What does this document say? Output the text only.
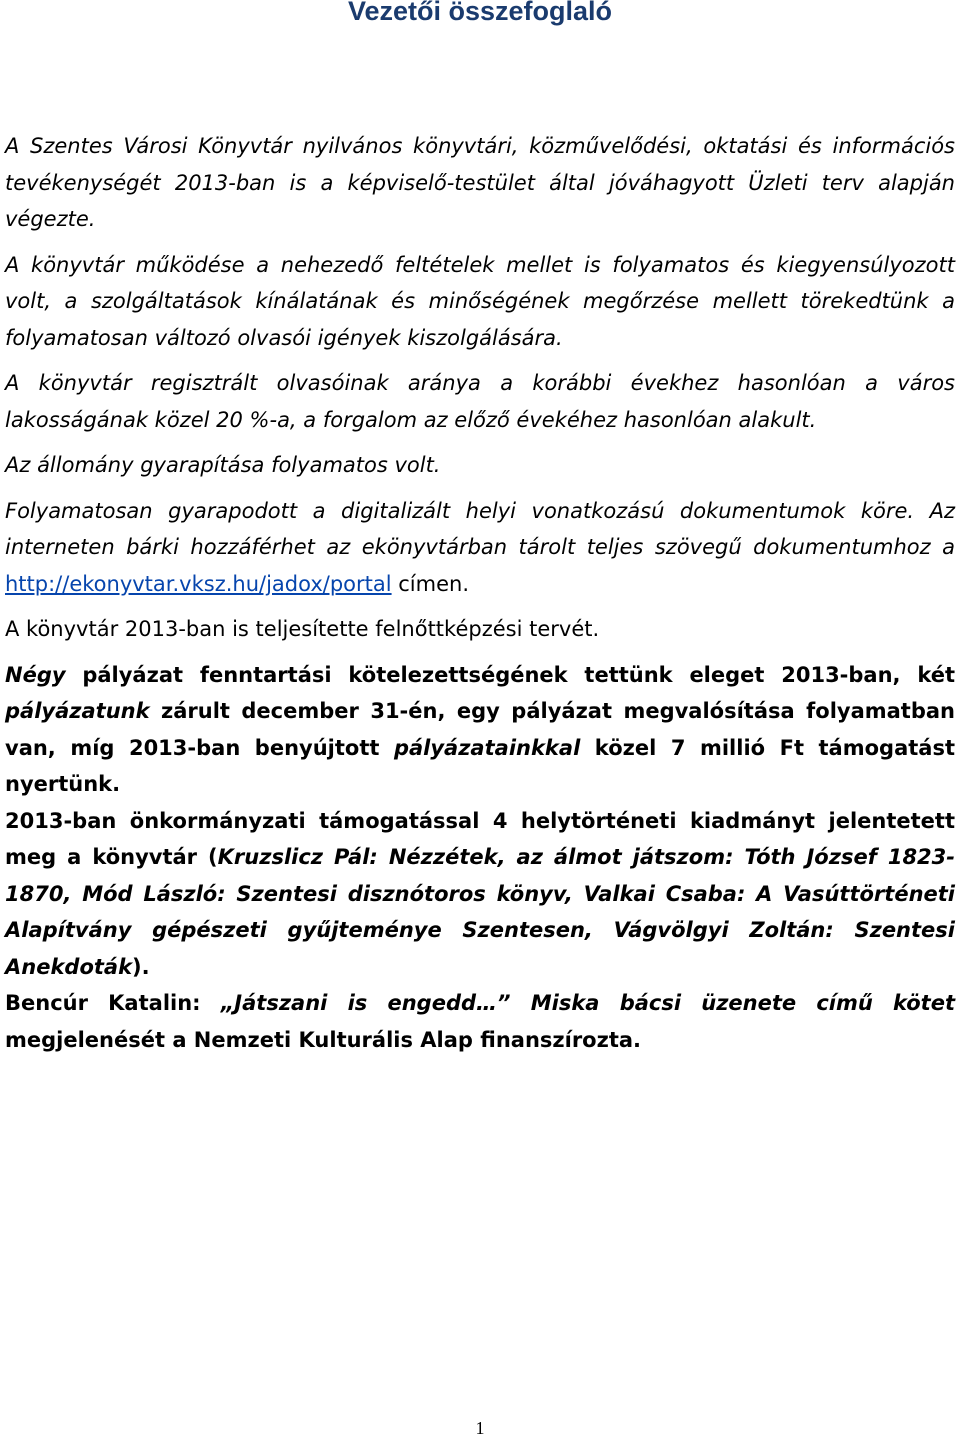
Vezetői összefoglaló

A Szentes Városi Könyvtár nyilvános könyvtári, közművelődési, oktatási és információs tevékenységét 2013-ban is a képviselő-testület által jóváhagyott Üzleti terv alapján végezte.

A könyvtár működése a nehezedő feltételek mellet is folyamatos és kiegyensúlyozott volt, a szolgáltatások kínálatának és minőségének megőrzése mellett törekedtünk a folyamatosan változó olvasói igények kiszolgálására.

A könyvtár regisztrált olvasóinak aránya a korábbi évekhez hasonlóan a város lakosságának közel 20 %-a, a forgalom az előző évekéhez hasonlóan alakult.

Az állomány gyarapítása folyamatos volt.

Folyamatosan gyarapodott a digitalizált helyi vonatkozású dokumentumok köre. Az interneten bárki hozzáférhet az ekönyvtárban tárolt teljes szövegű dokumentumhoz a http://ekonyvtar.vksz.hu/jadox/portal címen.

A könyvtár 2013-ban is teljesítette felnőttképzési tervét.

Négy pályázat fenntartási kötelezettségének tettünk eleget 2013-ban, két pályázatunk zárult december 31-én, egy pályázat megvalósítása folyamatban van, míg 2013-ban benyújtott pályázatainkkal közel 7 millió Ft támogatást nyertünk.

2013-ban önkormányzati támogatással 4 helytörténeti kiadmányt jelentetett meg a könyvtár (Kruzslicz Pál: Nézzétek, az álmot játszom: Tóth József 1823-1870, Mód László: Szentesi disznótoros könyv, Valkai Csaba: A Vasúttörténeti Alapítvány gépészeti gyűjteménye Szentesen, Vágvölgyi Zoltán: Szentesi Anekdoták).

Bencúr Katalin: „Játszani is engedd…” Miska bácsi üzenete című kötet megjelenését a Nemzeti Kulturális Alap finanszírozta.

1
